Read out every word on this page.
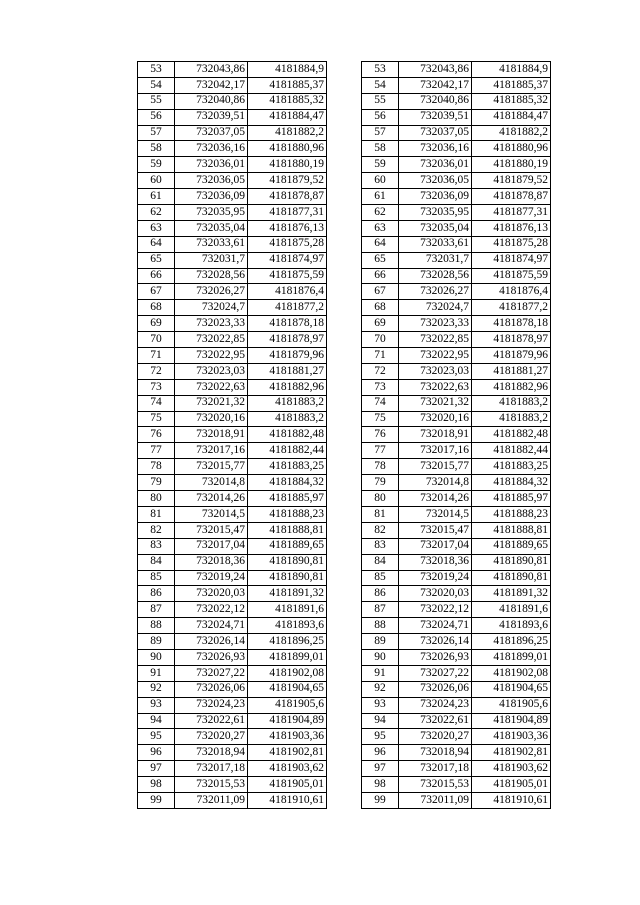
53	732043,86	4181884,9
54	732042,17	4181885,37
55	732040,86	4181885,32
56	732039,51	4181884,47
57	732037,05	4181882,2
58	732036,16	4181880,96
59	732036,01	4181880,19
60	732036,05	4181879,52
61	732036,09	4181878,87
62	732035,95	4181877,31
63	732035,04	4181876,13
64	732033,61	4181875,28
65	732031,7	4181874,97
66	732028,56	4181875,59
67	732026,27	4181876,4
68	732024,7	4181877,2
69	732023,33	4181878,18
70	732022,85	4181878,97
71	732022,95	4181879,96
72	732023,03	4181881,27
73	732022,63	4181882,96
74	732021,32	4181883,2
75	732020,16	4181883,2
76	732018,91	4181882,48
77	732017,16	4181882,44
78	732015,77	4181883,25
79	732014,8	4181884,32
80	732014,26	4181885,97
81	732014,5	4181888,23
82	732015,47	4181888,81
83	732017,04	4181889,65
84	732018,36	4181890,81
85	732019,24	4181890,81
86	732020,03	4181891,32
87	732022,12	4181891,6
88	732024,71	4181893,6
89	732026,14	4181896,25
90	732026,93	4181899,01
91	732027,22	4181902,08
92	732026,06	4181904,65
93	732024,23	4181905,6
94	732022,61	4181904,89
95	732020,27	4181903,36
96	732018,94	4181902,81
97	732017,18	4181903,62
98	732015,53	4181905,01
99	732011,09	4181910,61
53	732043,86	4181884,9
54	732042,17	4181885,37
55	732040,86	4181885,32
56	732039,51	4181884,47
57	732037,05	4181882,2
58	732036,16	4181880,96
59	732036,01	4181880,19
60	732036,05	4181879,52
61	732036,09	4181878,87
62	732035,95	4181877,31
63	732035,04	4181876,13
64	732033,61	4181875,28
65	732031,7	4181874,97
66	732028,56	4181875,59
67	732026,27	4181876,4
68	732024,7	4181877,2
69	732023,33	4181878,18
70	732022,85	4181878,97
71	732022,95	4181879,96
72	732023,03	4181881,27
73	732022,63	4181882,96
74	732021,32	4181883,2
75	732020,16	4181883,2
76	732018,91	4181882,48
77	732017,16	4181882,44
78	732015,77	4181883,25
79	732014,8	4181884,32
80	732014,26	4181885,97
81	732014,5	4181888,23
82	732015,47	4181888,81
83	732017,04	4181889,65
84	732018,36	4181890,81
85	732019,24	4181890,81
86	732020,03	4181891,32
87	732022,12	4181891,6
88	732024,71	4181893,6
89	732026,14	4181896,25
90	732026,93	4181899,01
91	732027,22	4181902,08
92	732026,06	4181904,65
93	732024,23	4181905,6
94	732022,61	4181904,89
95	732020,27	4181903,36
96	732018,94	4181902,81
97	732017,18	4181903,62
98	732015,53	4181905,01
99	732011,09	4181910,61
